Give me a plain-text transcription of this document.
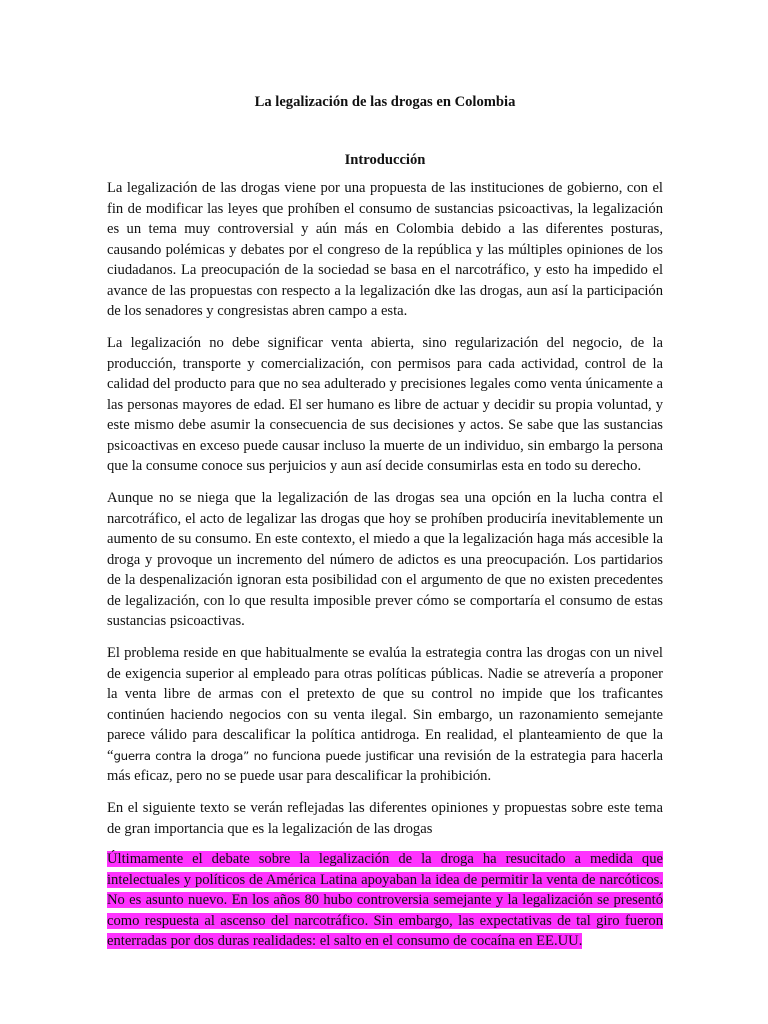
La legalización de las drogas en Colombia
Introducción

La legalización de las drogas viene por una propuesta de las instituciones de gobierno, con el fin de modificar las leyes que prohíben el consumo de sustancias psicoactivas, la legalización es un tema muy controversial y aún más en Colombia debido a las diferentes posturas, causando polémicas y debates por el congreso de la república y las múltiples opiniones de los ciudadanos. La preocupación de la sociedad se basa en el narcotráfico, y esto ha impedido el avance de las propuestas con respecto a la legalización dke las drogas, aun así la participación de los senadores y congresistas abren campo a esta.

La legalización no debe significar venta abierta, sino regularización del negocio, de la producción, transporte y comercialización, con permisos para cada actividad, control de la calidad del producto para que no sea adulterado y precisiones legales como venta únicamente a las personas mayores de edad. El ser humano es libre de actuar y decidir su propia voluntad, y este mismo debe asumir la consecuencia de sus decisiones y actos. Se sabe que las sustancias psicoactivas en exceso puede causar incluso la muerte de un individuo, sin embargo la persona que la consume conoce sus perjuicios y aun así decide consumirlas esta en todo su derecho.

Aunque no se niega que la legalización de las drogas sea una opción en la lucha contra el narcotráfico, el acto de legalizar las drogas que hoy se prohíben produciría inevitablemente un aumento de su consumo. En este contexto, el miedo a que la legalización haga más accesible la droga y provoque un incremento del número de adictos es una preocupación. Los partidarios de la despenalización ignoran esta posibilidad con el argumento de que no existen precedentes de legalización, con lo que resulta imposible prever cómo se comportaría el consumo de estas sustancias psicoactivas.

El problema reside en que habitualmente se evalúa la estrategia contra las drogas con un nivel de exigencia superior al empleado para otras políticas públicas. Nadie se atrevería a proponer la venta libre de armas con el pretexto de que su control no impide que los traficantes continúen haciendo negocios con su venta ilegal. Sin embargo, un razonamiento semejante parece válido para descalificar la política antidroga. En realidad, el planteamiento de que la “guerra contra la droga” no funciona puede justificar una revisión de la estrategia para hacerla más eficaz, pero no se puede usar para descalificar la prohibición.

En el siguiente texto se verán reflejadas las diferentes opiniones y propuestas sobre este tema de gran importancia que es la legalización de las drogas

Últimamente el debate sobre la legalización de la droga ha resucitado a medida que intelectuales y políticos de América Latina apoyaban la idea de permitir la venta de narcóticos. No es asunto nuevo. En los años 80 hubo controversia semejante y la legalización se presentó como respuesta al ascenso del narcotráfico. Sin embargo, las expectativas de tal giro fueron enterradas por dos duras realidades: el salto en el consumo de cocaína en EE.UU.
